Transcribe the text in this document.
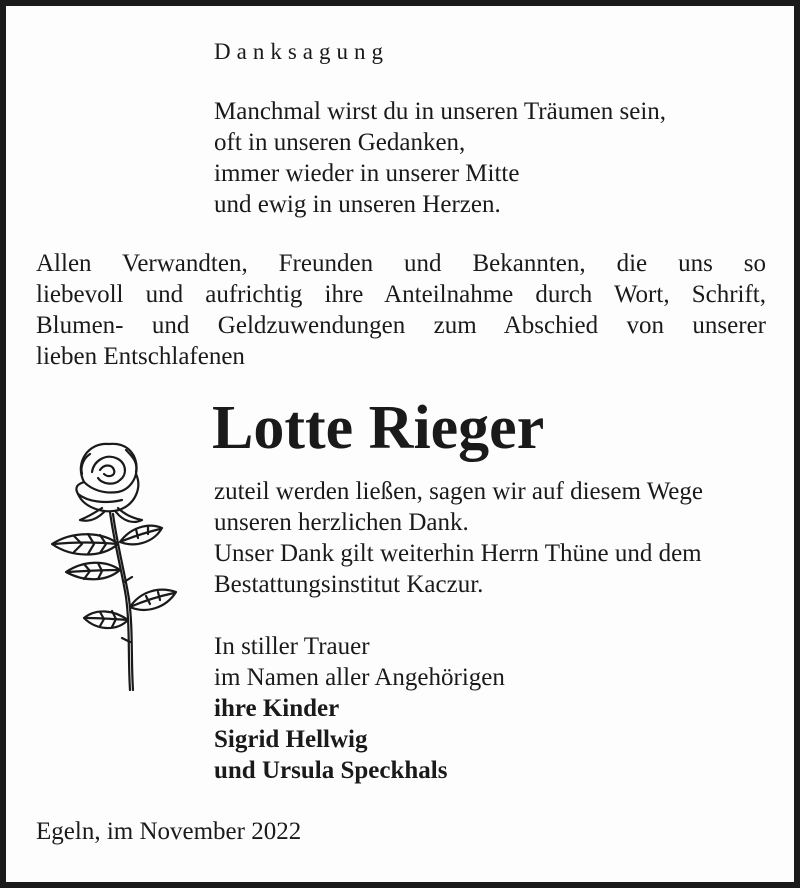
Danksagung

Manchmal wirst du in unseren Träumen sein,

oft in unseren Gedanken,

immer wieder in unserer Mitte

und ewig in unseren Herzen.

Allen Verwandten, Freunden und Bekannten, die uns so
liebevoll und aufrichtig ihre Anteilnahme durch Wort, Schrift,
Blumen- und Geldzuwendungen zum Abschied von unserer
lieben Entschlafenen

Lotte Rieger

zuteil werden ließen, sagen wir auf diesem Wege

unseren herzlichen Dank.

Unser Dank gilt weiterhin Herrn Thüne und dem

Bestattungsinstitut Kaczur.

In stiller Trauer

im Namen aller Angehörigen

ihre Kinder

Sigrid Hellwig

und Ursula Speckhals

Egeln, im November 2022
